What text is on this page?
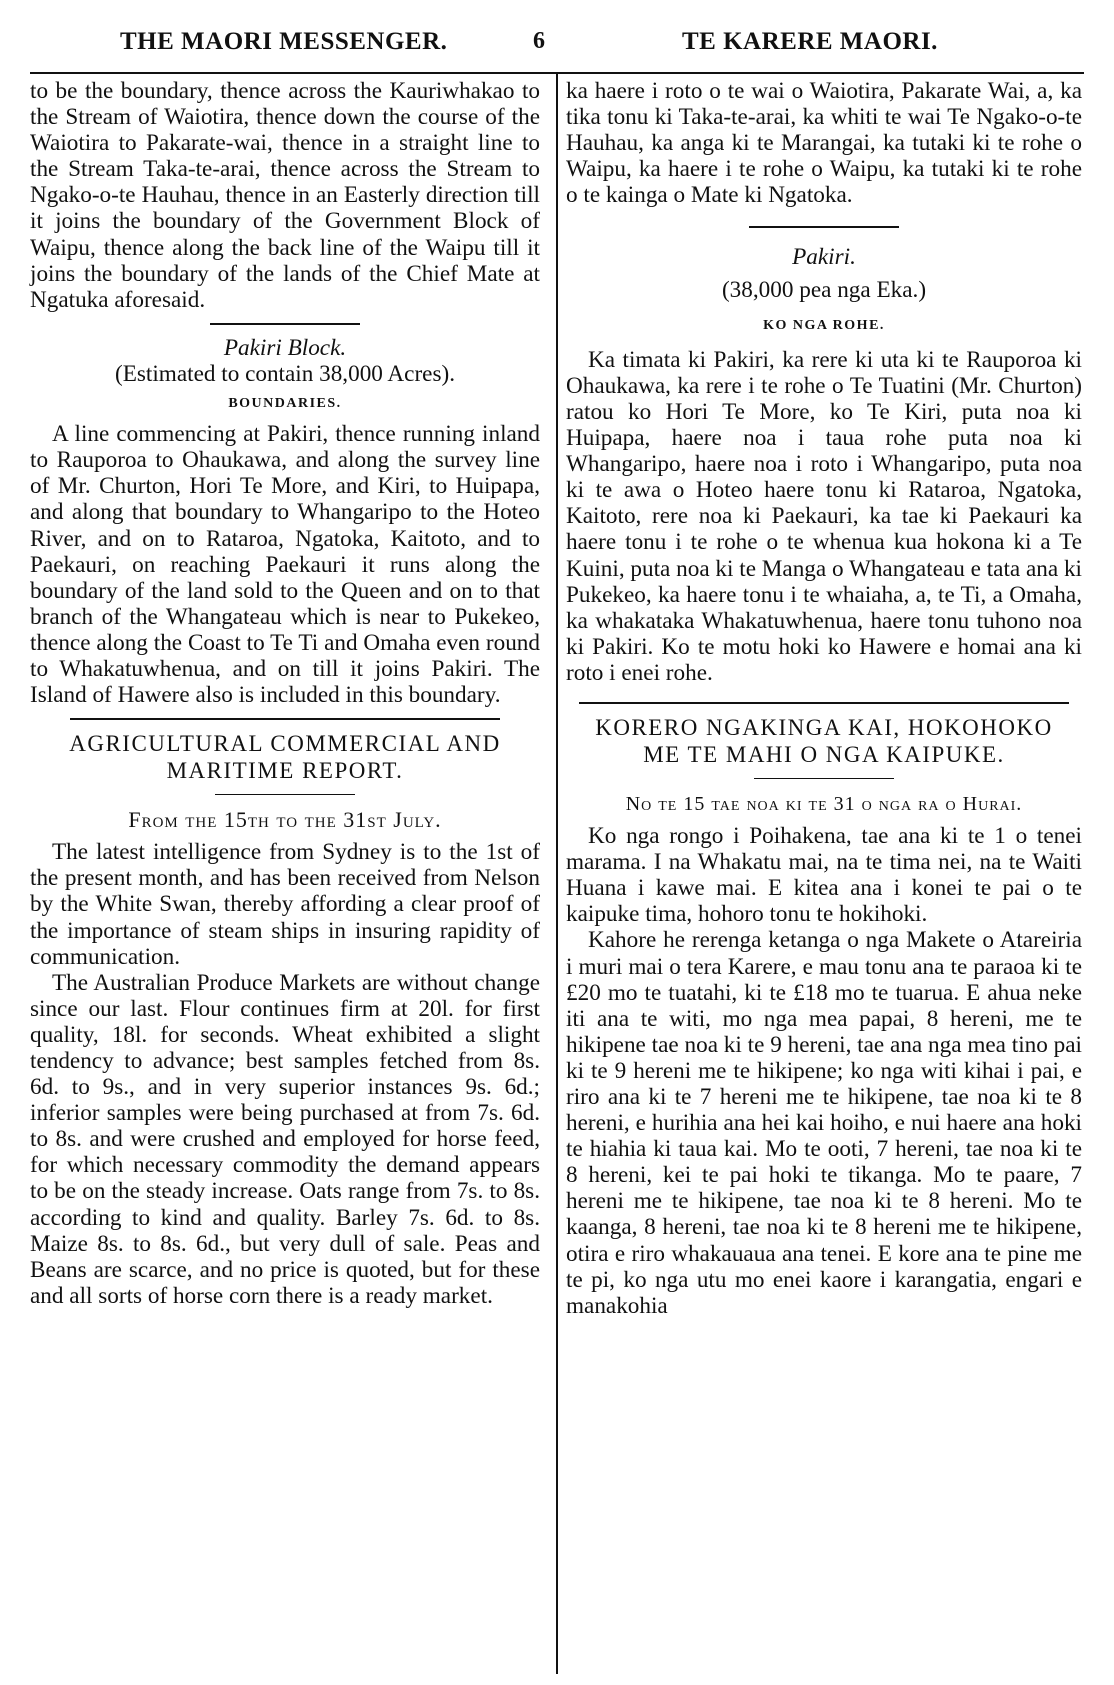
THE MAORI MESSENGER.	6	TE KARERE MAORI.

to be the boundary, thence across the Kauriwhakao to the Stream of Waiotira, thence down the course of the Waiotira to Pakarate-wai, thence in a straight line to the Stream Taka-te-arai, thence across the Stream to Ngako-o-te Hauhau, thence in an Easterly direction till it joins the boundary of the Government Block of Waipu, thence along the back line of the Waipu till it joins the boundary of the lands of the Chief Mate at Ngatuka aforesaid.

Pakiri Block.
(Estimated to contain 38,000 Acres).
BOUNDARIES.

A line commencing at Pakiri, thence running inland to Rauporoa to Ohaukawa, and along the survey line of Mr. Churton, Hori Te More, and Kiri, to Huipapa, and along that boundary to Whangaripo to the Hoteo River, and on to Rataroa, Ngatoka, Kaitoto, and to Paekauri, on reaching Paekauri it runs along the boundary of the land sold to the Queen and on to that branch of the Whangateau which is near to Pukekeo, thence along the Coast to Te Ti and Omaha even round to Whakatuwhenua, and on till it joins Pakiri. The Island of Hawere also is included in this boundary.

AGRICULTURAL COMMERCIAL AND
MARITIME REPORT.
From the 15th to the 31st July.

The latest intelligence from Sydney is to the 1st of the present month, and has been received from Nelson by the White Swan, thereby affording a clear proof of the importance of steam ships in insuring rapidity of communication.

The Australian Produce Markets are without change since our last. Flour continues firm at 20l. for first quality, 18l. for seconds. Wheat exhibited a slight tendency to advance; best samples fetched from 8s. 6d. to 9s., and in very superior instances 9s. 6d.; inferior samples were being purchased at from 7s. 6d. to 8s. and were crushed and employed for horse feed, for which necessary commodity the demand appears to be on the steady increase. Oats range from 7s. to 8s. according to kind and quality. Barley 7s. 6d. to 8s. Maize 8s. to 8s. 6d., but very dull of sale. Peas and Beans are scarce, and no price is quoted, but for these and all sorts of horse corn there is a ready market.

ka haere i roto o te wai o Waiotira, Pakarate Wai, a, ka tika tonu ki Taka-te-arai, ka whiti te wai Te Ngako-o-te Hauhau, ka anga ki te Marangai, ka tutaki ki te rohe o Waipu, ka haere i te rohe o Waipu, ka tutaki ki te rohe o te kainga o Mate ki Ngatoka.

Pakiri.
(38,000 pea nga Eka.)
KO NGA ROHE.

Ka timata ki Pakiri, ka rere ki uta ki te Rauporoa ki Ohaukawa, ka rere i te rohe o Te Tuatini (Mr. Churton) ratou ko Hori Te More, ko Te Kiri, puta noa ki Huipapa, haere noa i taua rohe puta noa ki Whangaripo, haere noa i roto i Whangaripo, puta noa ki te awa o Hoteo haere tonu ki Rataroa, Ngatoka, Kaitoto, rere noa ki Paekauri, ka tae ki Paekauri ka haere tonu i te rohe o te whenua kua hokona ki a Te Kuini, puta noa ki te Manga o Whangateau e tata ana ki Pukekeo, ka haere tonu i te whaiaha, a, te Ti, a Omaha, ka whakataka Whakatuwhenua, haere tonu tuhono noa ki Pakiri. Ko te motu hoki ko Hawere e homai ana ki roto i enei rohe.

KORERO NGAKINGA KAI, HOKOHOKO
ME TE MAHI O NGA KAIPUKE.
No te 15 tae noa ki te 31 o nga ra o Hurai.

Ko nga rongo i Poihakena, tae ana ki te 1 o tenei marama. I na Whakatu mai, na te tima nei, na te Waiti Huana i kawe mai. E kitea ana i konei te pai o te kaipuke tima, hohoro tonu te hokihoki.

Kahore he rerenga ketanga o nga Makete o Atareiria i muri mai o tera Karere, e mau tonu ana te paraoa ki te £20 mo te tuatahi, ki te £18 mo te tuarua. E ahua neke iti ana te witi, mo nga mea papai, 8 hereni, me te hikipene tae noa ki te 9 hereni, tae ana nga mea tino pai ki te 9 hereni me te hikipene; ko nga witi kihai i pai, e riro ana ki te 7 hereni me te hikipene, tae noa ki te 8 hereni, e hurihia ana hei kai hoiho, e nui haere ana hoki te hiahia ki taua kai. Mo te ooti, 7 hereni, tae noa ki te 8 hereni, kei te pai hoki te tikanga. Mo te paare, 7 hereni me te hikipene, tae noa ki te 8 hereni. Mo te kaanga, 8 hereni, tae noa ki te 8 hereni me te hikipene, otira e riro whakauaua ana tenei. E kore ana te pine me te pi, ko nga utu mo enei kaore i karangatia, engari e manakohia
